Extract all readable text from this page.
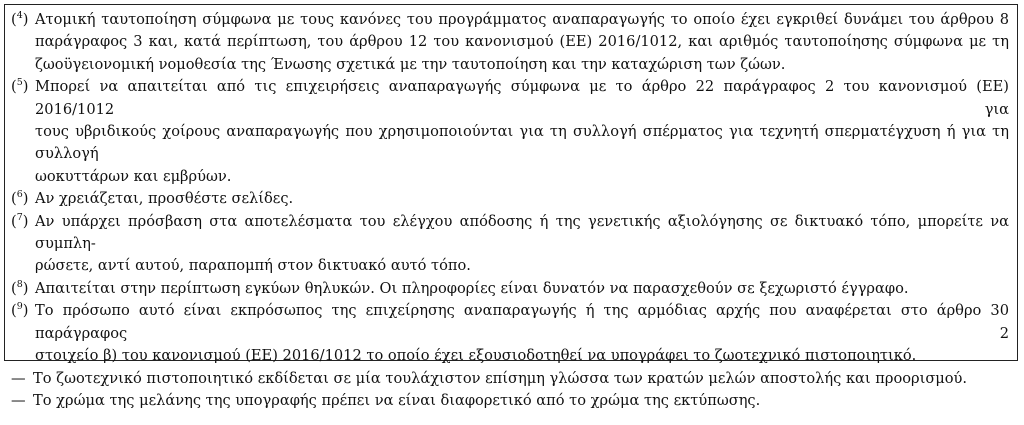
($^4$) Ατομική ταυτοποίηση σύμφωνα με τους κανόνες του προγράμματος αναπαραγωγής το οποίο έχει εγκριθεί δυνάμει του άρθρου 8
παράγραφος 3 και, κατά περίπτωση, του άρθρου 12 του κανονισμού (ΕΕ) 2016/1012, και αριθμός ταυτοποίησης σύμφωνα με τη
ζωοϋγειονομική νομοθεσία της Ένωσης σχετικά με την ταυτοποίηση και την καταχώριση των ζώων.
($^5$) Μπορεί να απαιτείται από τις επιχειρήσεις αναπαραγωγής σύμφωνα με το άρθρο 22 παράγραφος 2 του κανονισμού (ΕΕ) 2016/1012 για
τους υβριδικούς χοίρους αναπαραγωγής που χρησιμοποιούνται για τη συλλογή σπέρματος για τεχνητή σπερματέγχυση ή για τη συλλογή
ωοκυττάρων και εμβρύων.
($^6$) Αν χρειάζεται, προσθέστε σελίδες.
($^7$) Αν υπάρχει πρόσβαση στα αποτελέσματα του ελέγχου απόδοσης ή της γενετικής αξιολόγησης σε δικτυακό τόπο, μπορείτε να συμπλη-
ρώσετε, αντί αυτού, παραπομπή στον δικτυακό αυτό τόπο.
($^8$) Απαιτείται στην περίπτωση εγκύων θηλυκών. Οι πληροφορίες είναι δυνατόν να παρασχεθούν σε ξεχωριστό έγγραφο.
($^9$) Το πρόσωπο αυτό είναι εκπρόσωπος της επιχείρησης αναπαραγωγής ή της αρμόδιας αρχής που αναφέρεται στο άρθρο 30 παράγραφος 2
στοιχείο β) του κανονισμού (ΕΕ) 2016/1012 το οποίο έχει εξουσιοδοτηθεί να υπογράφει το ζωοτεχνικό πιστοποιητικό.
— Το ζωοτεχνικό πιστοποιητικό εκδίδεται σε μία τουλάχιστον επίσημη γλώσσα των κρατών μελών αποστολής και προορισμού.
— Το χρώμα της μελάνης της υπογραφής πρέπει να είναι διαφορετικό από το χρώμα της εκτύπωσης.
